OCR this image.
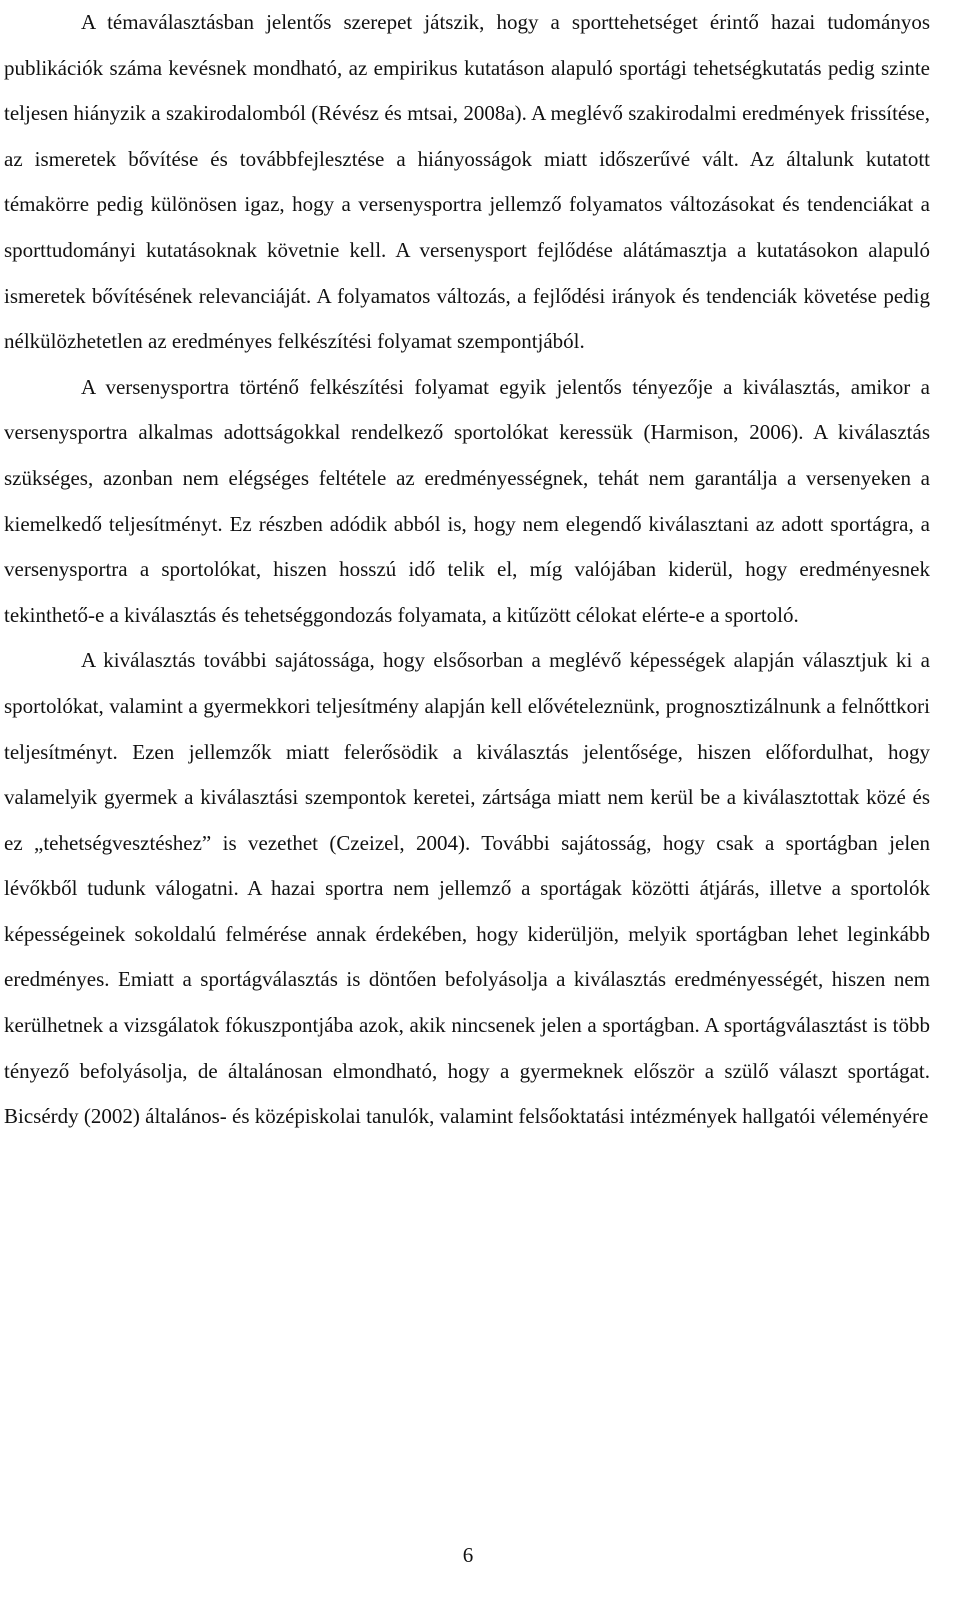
A témaválasztásban jelentős szerepet játszik, hogy a sporttehetséget érintő hazai tudományos publikációk száma kevésnek mondható, az empirikus kutatáson alapuló sportági tehetségkutatás pedig szinte teljesen hiányzik a szakirodalomból (Révész és mtsai, 2008a). A meglévő szakirodalmi eredmények frissítése, az ismeretek bővítése és továbbfejlesztése a hiányosságok miatt időszerűvé vált. Az általunk kutatott témakörre pedig különösen igaz, hogy a versenysportra jellemző folyamatos változásokat és tendenciákat a sporttudományi kutatásoknak követnie kell. A versenysport fejlődése alátámasztja a kutatásokon alapuló ismeretek bővítésének relevanciáját. A folyamatos változás, a fejlődési irányok és tendenciák követése pedig nélkülözhetetlen az eredményes felkészítési folyamat szempontjából.

A versenysportra történő felkészítési folyamat egyik jelentős tényezője a kiválasztás, amikor a versenysportra alkalmas adottságokkal rendelkező sportolókat keressük (Harmison, 2006). A kiválasztás szükséges, azonban nem elégséges feltétele az eredményességnek, tehát nem garantálja a versenyeken a kiemelkedő teljesítményt. Ez részben adódik abból is, hogy nem elegendő kiválasztani az adott sportágra, a versenysportra a sportolókat, hiszen hosszú idő telik el, míg valójában kiderül, hogy eredményesnek tekinthető-e a kiválasztás és tehetséggondozás folyamata, a kitűzött célokat elérte-e a sportoló.

A kiválasztás további sajátossága, hogy elsősorban a meglévő képességek alapján választjuk ki a sportolókat, valamint a gyermekkori teljesítmény alapján kell elővételeznünk, prognosztizálnunk a felnőttkori teljesítményt. Ezen jellemzők miatt felerősödik a kiválasztás jelentősége, hiszen előfordulhat, hogy valamelyik gyermek a kiválasztási szempontok keretei, zártsága miatt nem kerül be a kiválasztottak közé és ez „tehetségvesztéshez” is vezethet (Czeizel, 2004). További sajátosság, hogy csak a sportágban jelen lévőkből tudunk válogatni. A hazai sportra nem jellemző a sportágak közötti átjárás, illetve a sportolók képességeinek sokoldalú felmérése annak érdekében, hogy kiderüljön, melyik sportágban lehet leginkább eredményes. Emiatt a sportágválasztás is döntően befolyásolja a kiválasztás eredményességét, hiszen nem kerülhetnek a vizsgálatok fókuszpontjába azok, akik nincsenek jelen a sportágban. A sportágválasztást is több tényező befolyásolja, de általánosan elmondható, hogy a gyermeknek először a szülő választ sportágat. Bicsérdy (2002) általános- és középiskolai tanulók, valamint felsőoktatási intézmények hallgatói véleményére

6
